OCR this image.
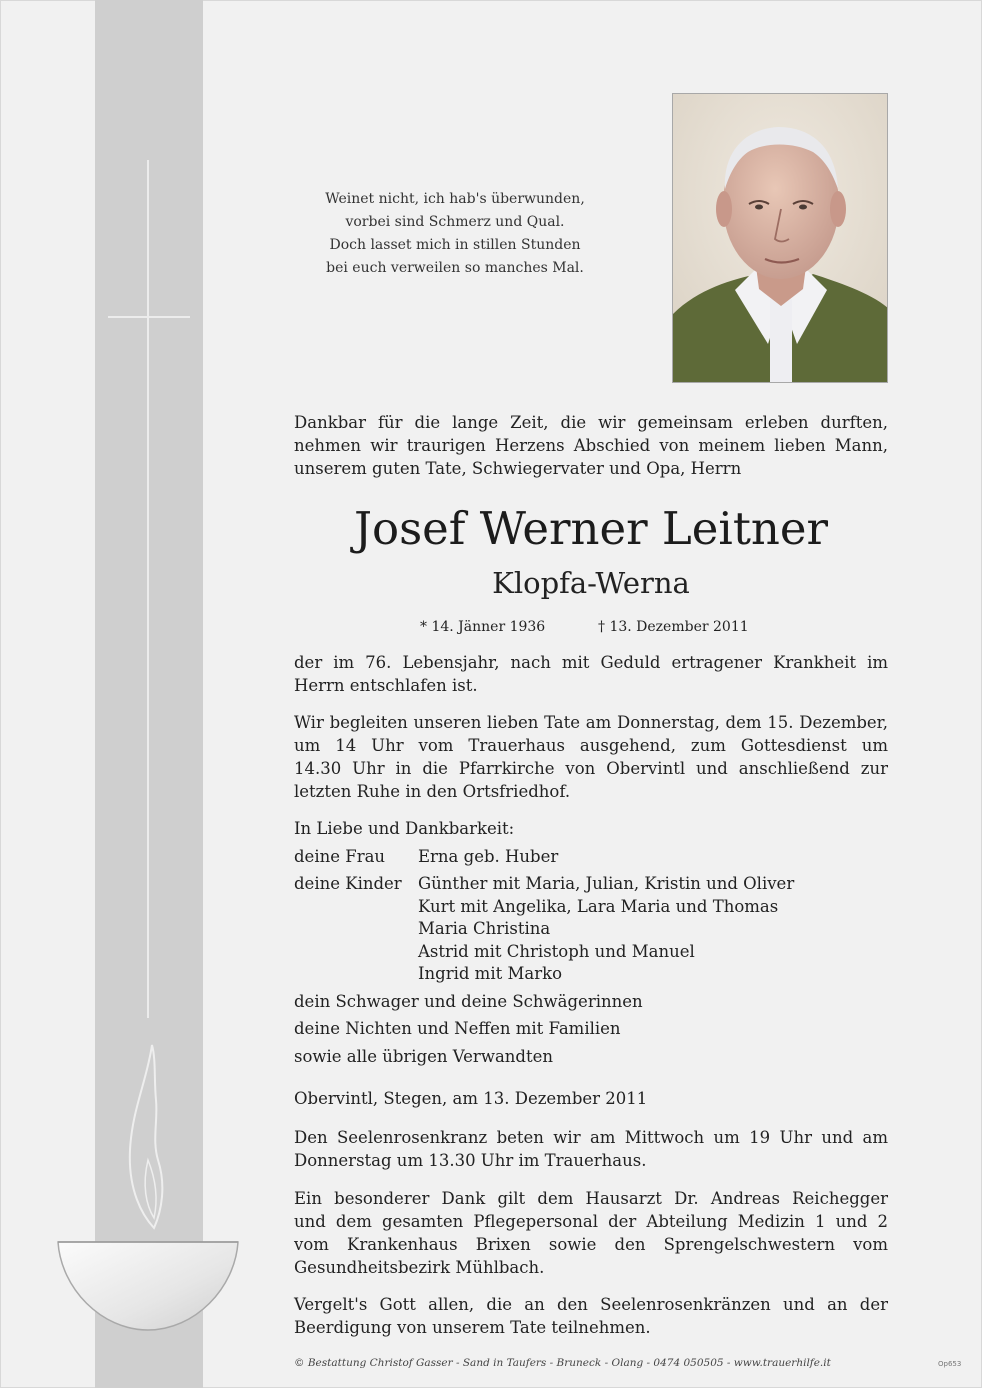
Weinet nicht, ich hab's überwunden,
vorbei sind Schmerz und Qual.
Doch lasset mich in stillen Stunden
bei euch verweilen so manches Mal.
Dankbar für die lange Zeit, die wir gemeinsam erleben durften,
nehmen wir traurigen Herzens Abschied von meinem lieben Mann,
unserem guten Tate, Schwiegervater und Opa, Herrn
Josef Werner Leitner
Klopfa-Werna
* 14. Jänner 1936	† 13. Dezember 2011
der im 76. Lebensjahr, nach mit Geduld ertragener Krankheit im
Herrn entschlafen ist.
Wir begleiten unseren lieben Tate am Donnerstag, dem 15. Dezember,
um 14 Uhr vom Trauerhaus ausgehend, zum Gottesdienst um
14.30 Uhr in die Pfarrkirche von Obervintl und anschließend zur
letzten Ruhe in den Ortsfriedhof.
In Liebe und Dankbarkeit:
deine Frau Erna geb. Huber
deine Kinder Günther mit Maria, Julian, Kristin und Oliver
Kurt mit Angelika, Lara Maria und Thomas
Maria Christina
Astrid mit Christoph und Manuel
Ingrid mit Marko
dein Schwager und deine Schwägerinnen
deine Nichten und Neffen mit Familien
sowie alle übrigen Verwandten
Obervintl, Stegen, am 13. Dezember 2011
Den Seelenrosenkranz beten wir am Mittwoch um 19 Uhr und am
Donnerstag um 13.30 Uhr im Trauerhaus.
Ein besonderer Dank gilt dem Hausarzt Dr. Andreas Reichegger
und dem gesamten Pflegepersonal der Abteilung Medizin 1 und 2
vom Krankenhaus Brixen sowie den Sprengelschwestern vom
Gesundheitsbezirk Mühlbach.
Vergelt's Gott allen, die an den Seelenrosenkränzen und an der
Beerdigung von unserem Tate teilnehmen.
© Bestattung Christof Gasser - Sand in Taufers - Bruneck - Olang - 0474 050505 - www.trauerhilfe.it	Op653
